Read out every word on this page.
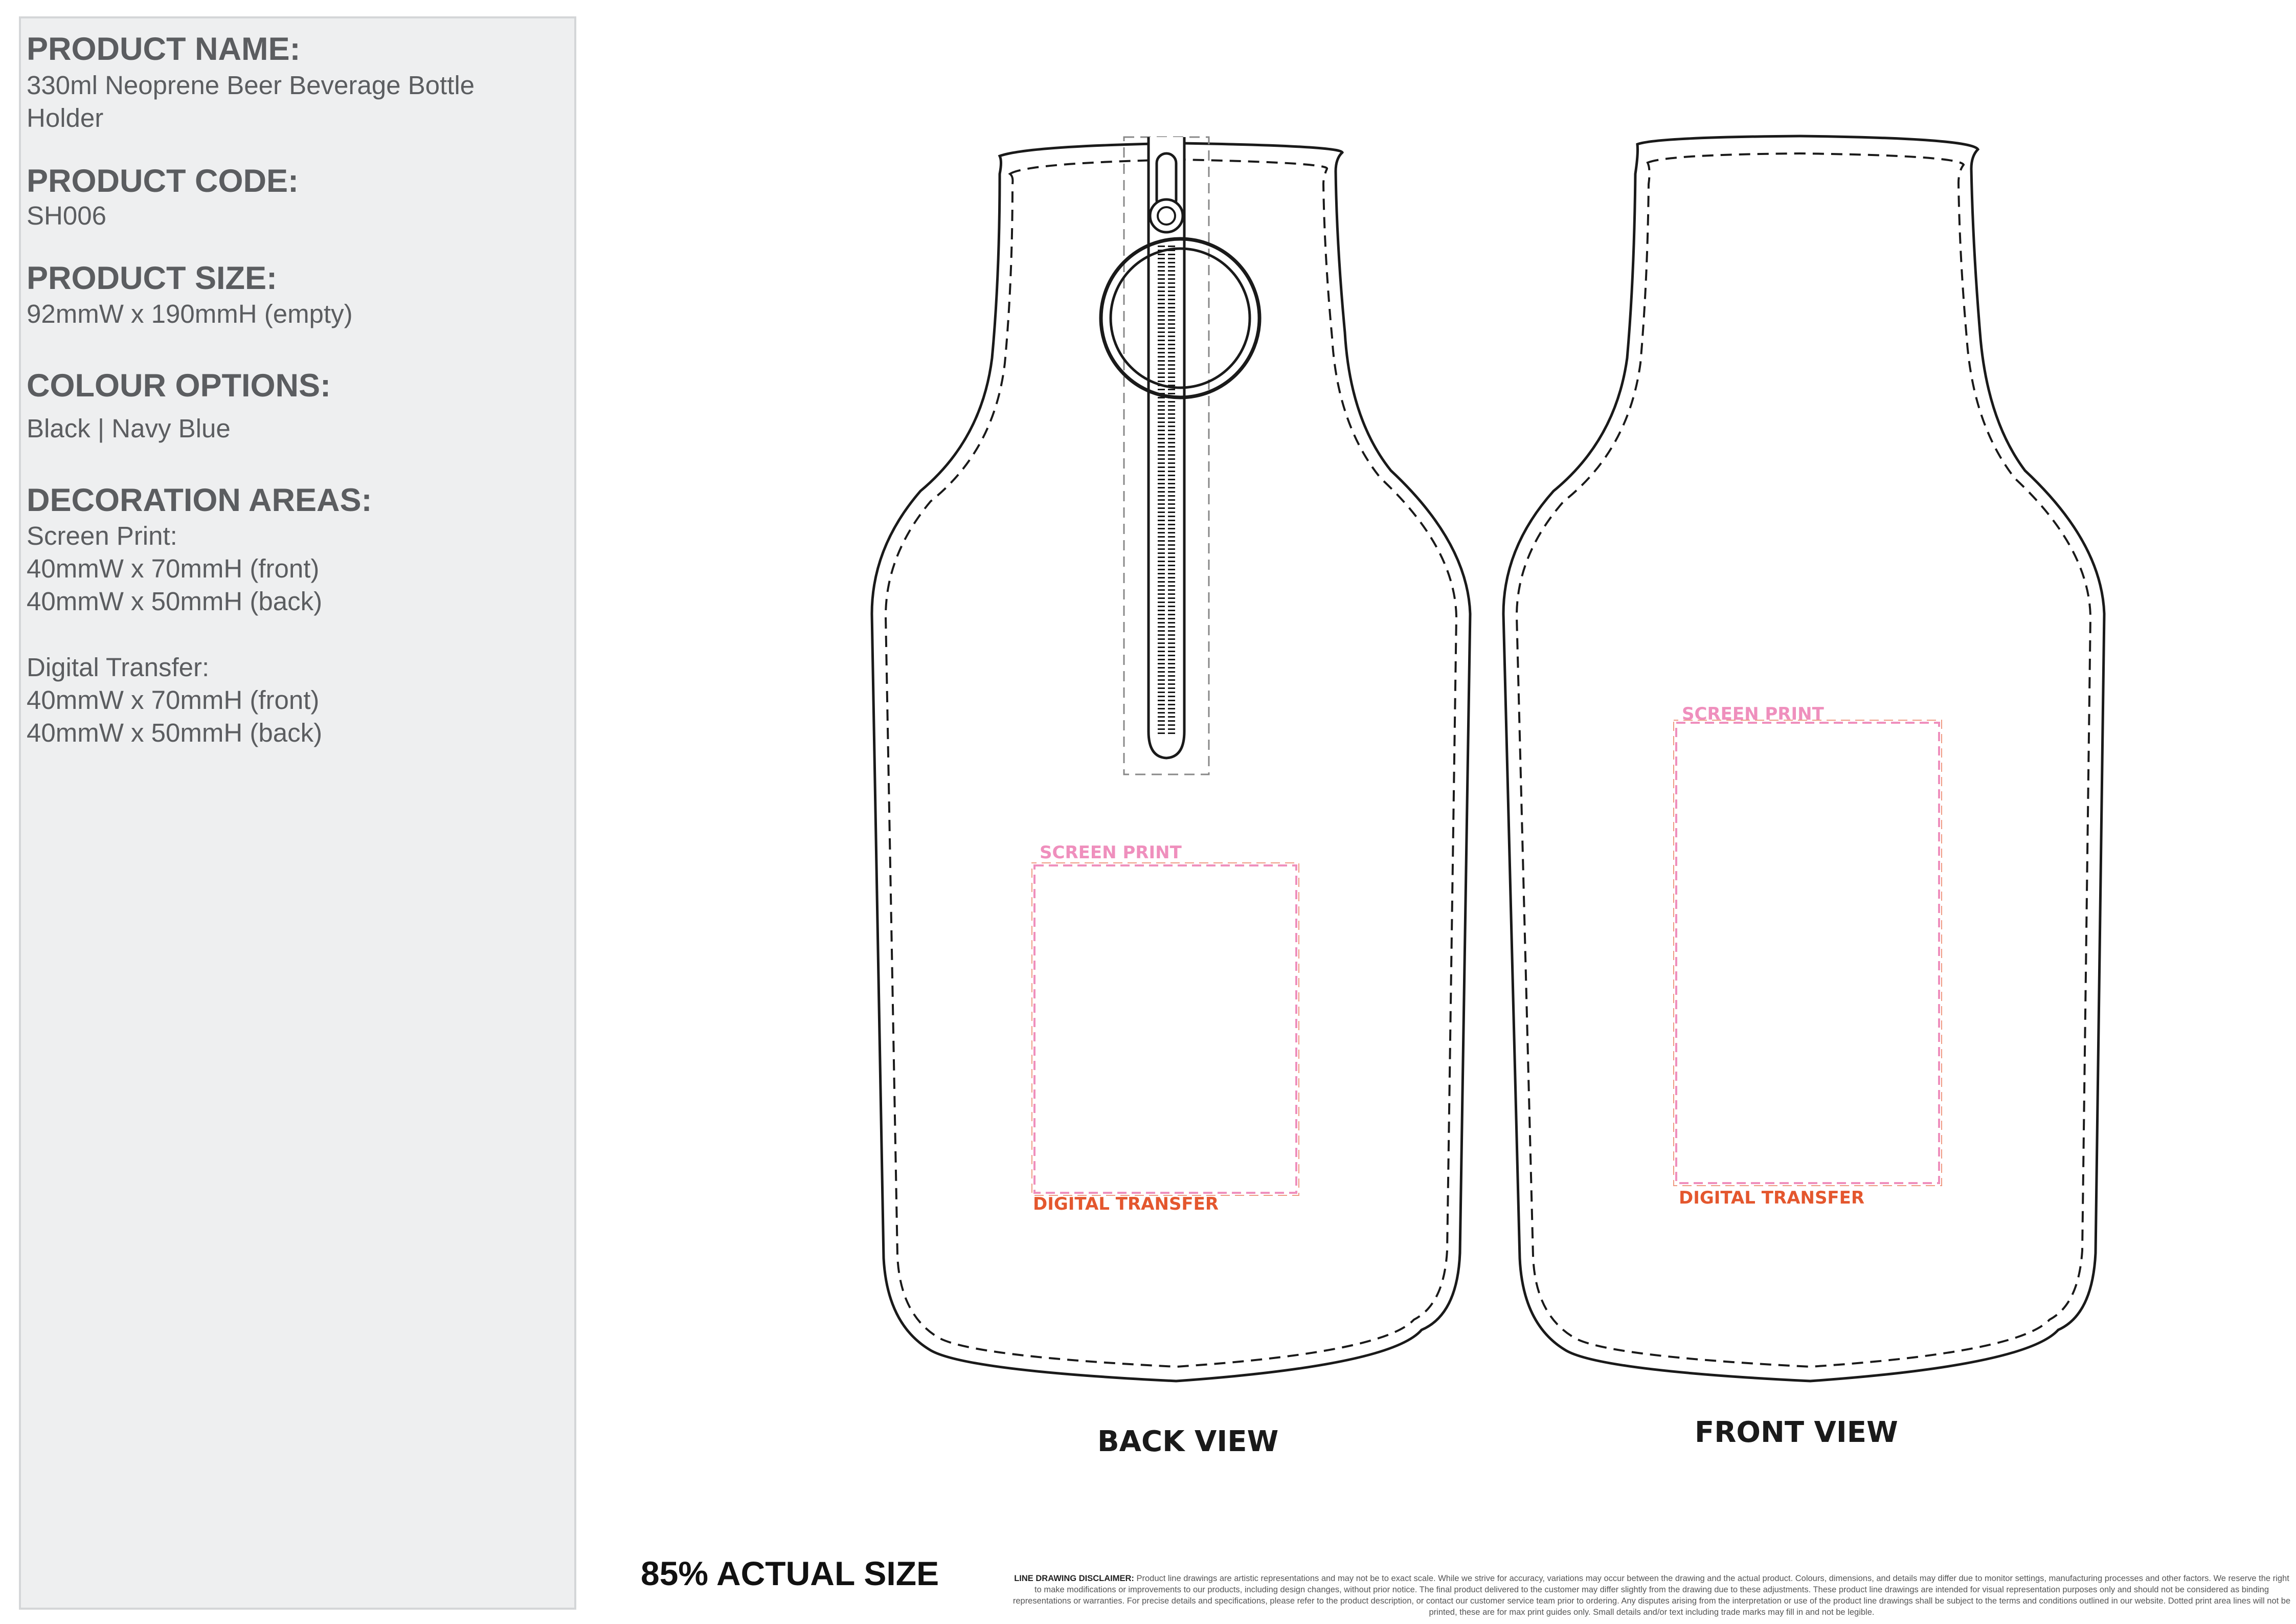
PRODUCT NAME:

330ml Neoprene Beer Beverage Bottle

Holder

PRODUCT CODE:

SH006

PRODUCT SIZE:

92mmW x 190mmH (empty)

COLOUR OPTIONS:

Black | Navy Blue

DECORATION AREAS:

Screen Print:

40mmW x 70mmH (front)

40mmW x 50mmH (back)

Digital Transfer:

40mmW x 70mmH (front)

40mmW x 50mmH (back)

SCREEN PRINT

DIGITAL TRANSFER

SCREEN PRINT

DIGITAL TRANSFER

BACK VIEW	FRONT VIEW

85% ACTUAL SIZE	LINE DRAWING DISCLAIMER: Product line drawings are artistic representations and may not be to exact scale. While we strive for accuracy, variations may occur between the drawing and the actual product. Colours, dimensions, and details may differ due to monitor settings, manufacturing processes and other factors. We reserve the right to make modifications or improvements to our products, including design changes, without prior notice. The final product delivered to the customer may differ slightly from the drawing due to these adjustments. These product line drawings are intended for visual representation purposes only and should not be considered as binding representations or warranties. For precise details and specifications, please refer to the product description, or contact our customer service team prior to ordering. Any disputes arising from the interpretation or use of the product line drawings shall be subject to the terms and conditions outlined in our website. Dotted print area lines will not be printed, these are for max print guides only. Small details and/or text including trade marks may fill in and not be legible.
